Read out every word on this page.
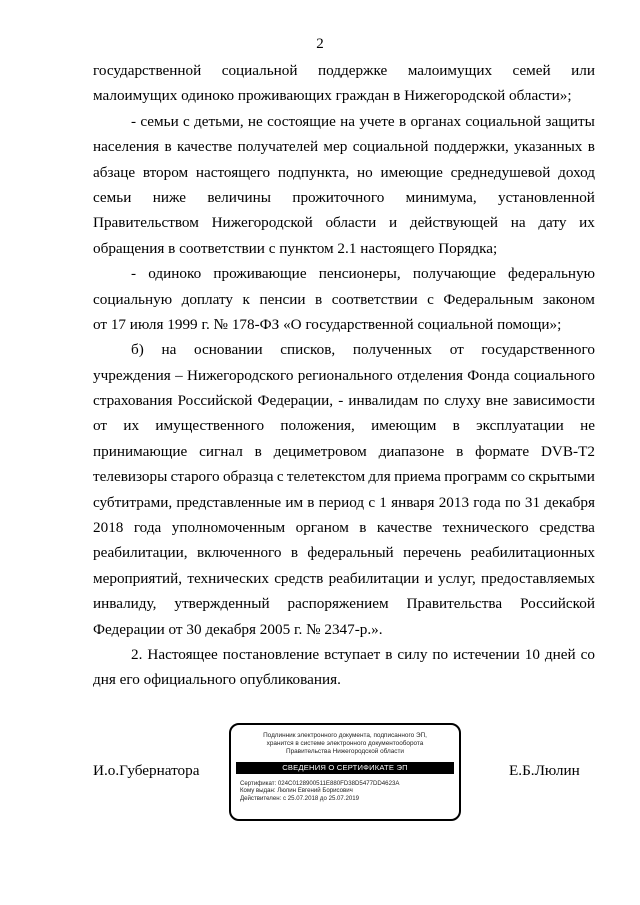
2
государственной социальной поддержке малоимущих семей или
малоимущих одиноко проживающих граждан в Нижегородской области»;
- семьи с детьми, не состоящие на учете в органах социальной защиты
населения в качестве получателей мер социальной поддержки, указанных в
абзаце втором настоящего подпункта, но имеющие среднедушевой доход
семьи ниже величины прожиточного минимума, установленной
Правительством Нижегородской области и действующей на дату их
обращения в соответствии с пунктом 2.1 настоящего Порядка;
- одиноко проживающие пенсионеры, получающие федеральную
социальную доплату к пенсии в соответствии с Федеральным законом
от 17 июля 1999 г. № 178-ФЗ «О государственной социальной помощи»;
б) на основании списков, полученных от государственного
учреждения – Нижегородского регионального отделения Фонда социального
страхования Российской Федерации, - инвалидам по слуху вне зависимости
от их имущественного положения, имеющим в эксплуатации не
принимающие сигнал в дециметровом диапазоне в формате DVB-T2
телевизоры старого образца с телетекстом для приема программ со скрытыми
субтитрами, представленные им в период с 1 января 2013 года по 31 декабря
2018 года уполномоченным органом в качестве технического средства
реабилитации, включенного в федеральный перечень реабилитационных
мероприятий, технических средств реабилитации и услуг, предоставляемых
инвалиду, утвержденный распоряжением Правительства Российской
Федерации от 30 декабря 2005 г. № 2347-р.».
2. Настоящее постановление вступает в силу по истечении 10 дней со
дня его официального опубликования.
И.о.Губернатора
Подлинник электронного документа, подписанного ЭП,
хранится в системе электронного документооборота
Правительства Нижегородской области
СВЕДЕНИЯ О СЕРТИФИКАТЕ ЭП
Сертификат: 024C0128900511E880FD38D5477DD4623A
Кому выдан: Люлин Евгений Борисович
Действителен: с 25.07.2018 до 25.07.2019
Е.Б.Люлин
